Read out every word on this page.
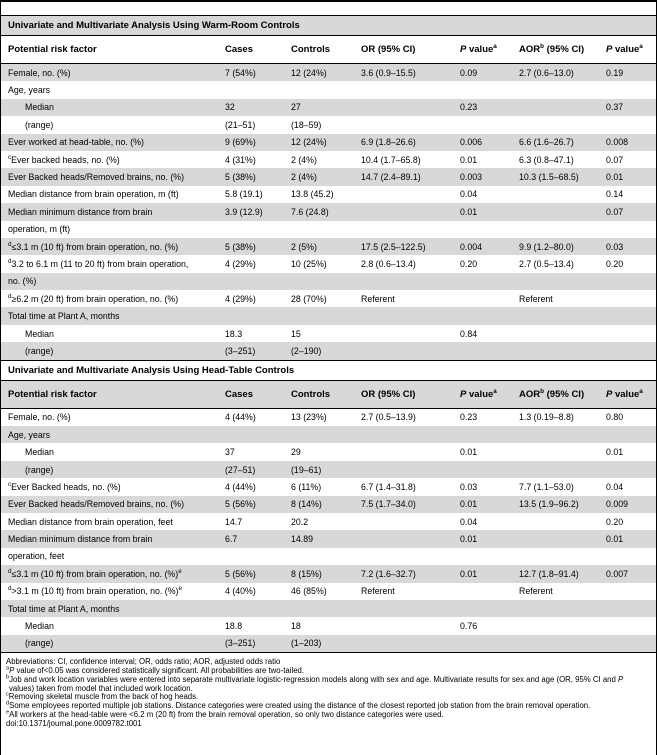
Univariate and Multivariate Analysis Using Warm-Room Controls
Potential risk factor	Cases	Controls	OR (95% CI)	P value$^a$	AOR$^b$ (95% CI)	P value$^a$
Female, no. (%)	7 (54%)	12 (24%)	3.6 (0.9–15.5)	0.09	2.7 (0.6–13.0)	0.19
Age, years						
Median	32	27		0.23		0.37
(range)	(21–51)	(18–59)				
Ever worked at head-table, no. (%)	9 (69%)	12 (24%)	6.9 (1.8–26.6)	0.006	6.6 (1.6–26.7)	0.008
$^c$Ever backed heads, no. (%)	4 (31%)	2 (4%)	10.4 (1.7–65.8)	0.01	6.3 (0.8–47.1)	0.07
Ever Backed heads/Removed brains, no. (%)	5 (38%)	2 (4%)	14.7 (2.4–89.1)	0.003	10.3 (1.5–68.5)	0.01
Median distance from brain operation, m (ft)	5.8 (19.1)	13.8 (45.2)		0.04		0.14
Median minimum distance from brain	3.9 (12.9)	7.6 (24.8)		0.01		0.07
operation, m (ft)						
$^d$≤3.1 m (10 ft) from brain operation, no. (%)	5 (38%)	2 (5%)	17.5 (2.5–122.5)	0.004	9.9 (1.2–80.0)	0.03
$^d$3.2 to 6.1 m (11 to 20 ft) from brain operation,	4 (29%)	10 (25%)	2.8 (0.6–13.4)	0.20	2.7 (0.5–13.4)	0.20
no. (%)						
$^d$≥6.2 m (20 ft) from brain operation, no. (%)	4 (29%)	28 (70%)	Referent		Referent	
Total time at Plant A, months						
Median	18.3	15		0.84		
(range)	(3–251)	(2–190)				
Univariate and Multivariate Analysis Using Head-Table Controls
Potential risk factor	Cases	Controls	OR (95% CI)	P value$^a$	AOR$^b$ (95% CI)	P value$^a$
Female, no. (%)	4 (44%)	13 (23%)	2.7 (0.5–13.9)	0.23	1.3 (0.19–8.8)	0.80
Age, years						
Median	37	29		0.01		0.01
(range)	(27–51)	(19–61)				
$^c$Ever Backed heads, no. (%)	4 (44%)	6 (11%)	6.7 (1.4–31.8)	0.03	7.7 (1.1–53.0)	0.04
Ever Backed heads/Removed brains, no. (%)	5 (56%)	8 (14%)	7.5 (1.7–34.0)	0.01	13.5 (1.9–96.2)	0.009
Median distance from brain operation, feet	14.7	20.2		0.04		0.20
Median minimum distance from brain	6.7	14.89		0.01		0.01
operation, feet						
$^d$≤3.1 m (10 ft) from brain operation, no. (%)$^e$	5 (56%)	8 (15%)	7.2 (1.6–32.7)	0.01	12.7 (1.8–91.4)	0.007
$^d$>3.1 m (10 ft) from brain operation, no. (%)$^e$	4 (40%)	46 (85%)	Referent		Referent	
Total time at Plant A, months						
Median	18.8	18		0.76		
(range)	(3–251)	(1–203)				
Abbreviations: CI, confidence interval; OR, odds ratio; AOR, adjusted odds ratio
$^a$P value of<0.05 was considered statistically significant. All probabilities are two-tailed.
$^b$Job and work location variables were entered into separate multivariate logistic-regression models along with sex and age. Multivariate results for sex and age (OR, 95% CI and P values) taken from model that included work location.
$^c$Removing skeletal muscle from the back of hog heads.
$^d$Some employees reported multiple job stations. Distance categories were created using the distance of the closest reported job station from the brain removal operation.
$^e$All workers at the head-table were <6.2 m (20 ft) from the brain removal operation, so only two distance categories were used.
doi:10.1371/journal.pone.0009782.t001
